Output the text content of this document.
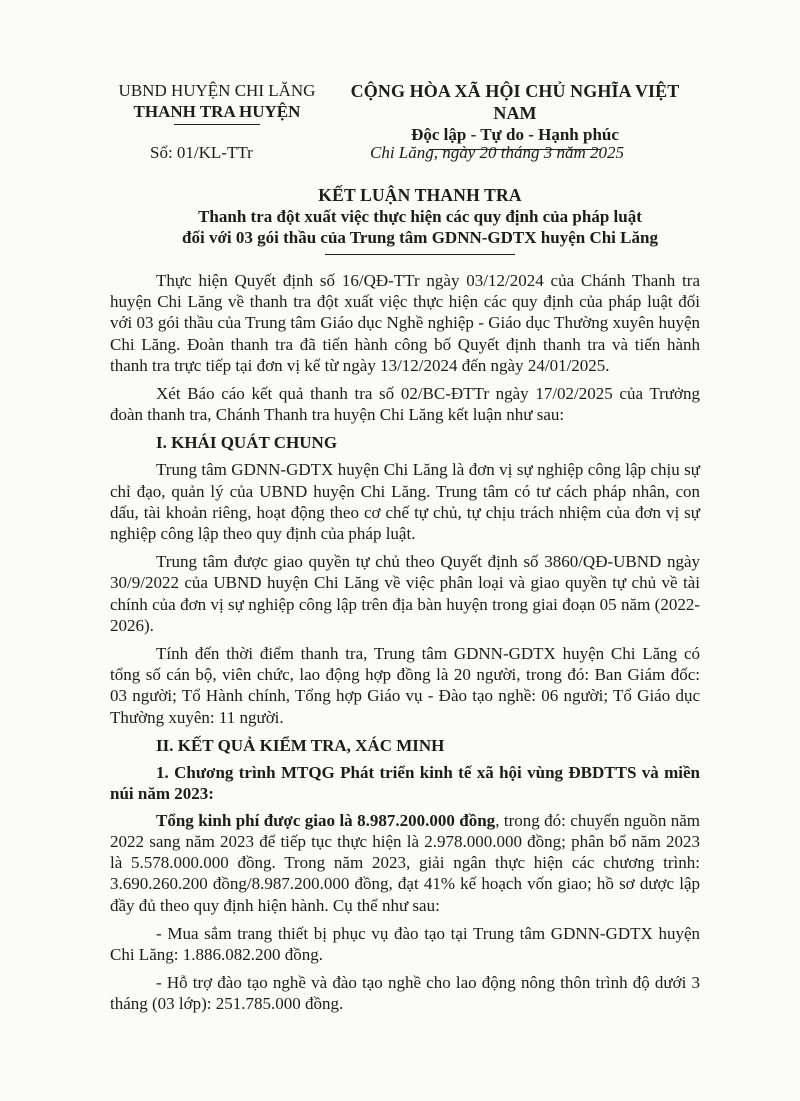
UBND HUYỆN CHI LĂNG
THANH TRA HUYỆN
CỘNG HÒA XÃ HỘI CHỦ NGHĨA VIỆT NAM
Độc lập - Tự do - Hạnh phúc
Số: 01/KL-TTr	Chi Lăng, ngày 20 tháng 3 năm 2025
KẾT LUẬN THANH TRA
Thanh tra đột xuất việc thực hiện các quy định của pháp luật
đối với 03 gói thầu của Trung tâm GDNN-GDTX huyện Chi Lăng

Thực hiện Quyết định số 16/QĐ-TTr ngày 03/12/2024 của Chánh Thanh tra huyện Chi Lăng về thanh tra đột xuất việc thực hiện các quy định của pháp luật đối với 03 gói thầu của Trung tâm Giáo dục Nghề nghiệp - Giáo dục Thường xuyên huyện Chi Lăng. Đoàn thanh tra đã tiến hành công bố Quyết định thanh tra và tiến hành thanh tra trực tiếp tại đơn vị kể từ ngày 13/12/2024 đến ngày 24/01/2025.

Xét Báo cáo kết quả thanh tra số 02/BC-ĐTTr ngày 17/02/2025 của Trưởng đoàn thanh tra, Chánh Thanh tra huyện Chi Lăng kết luận như sau:

I. KHÁI QUÁT CHUNG

Trung tâm GDNN-GDTX huyện Chi Lăng là đơn vị sự nghiệp công lập chịu sự chỉ đạo, quản lý của UBND huyện Chi Lăng. Trung tâm có tư cách pháp nhân, con dấu, tài khoản riêng, hoạt động theo cơ chế tự chủ, tự chịu trách nhiệm của đơn vị sự nghiệp công lập theo quy định của pháp luật.

Trung tâm được giao quyền tự chủ theo Quyết định số 3860/QĐ-UBND ngày 30/9/2022 của UBND huyện Chi Lăng về việc phân loại và giao quyền tự chủ về tài chính của đơn vị sự nghiệp công lập trên địa bàn huyện trong giai đoạn 05 năm (2022-2026).

Tính đến thời điểm thanh tra, Trung tâm GDNN-GDTX huyện Chi Lăng có tổng số cán bộ, viên chức, lao động hợp đồng là 20 người, trong đó: Ban Giám đốc: 03 người; Tổ Hành chính, Tổng hợp Giáo vụ - Đào tạo nghề: 06 người; Tổ Giáo dục Thường xuyên: 11 người.

II. KẾT QUẢ KIỂM TRA, XÁC MINH
1. Chương trình MTQG Phát triển kinh tế xã hội vùng ĐBDTTS và miền núi năm 2023:

Tổng kinh phí được giao là 8.987.200.000 đồng, trong đó: chuyển nguồn năm 2022 sang năm 2023 để tiếp tục thực hiện là 2.978.000.000 đồng; phân bổ năm 2023 là 5.578.000.000 đồng. Trong năm 2023, giải ngân thực hiện các chương trình: 3.690.260.200 đồng/8.987.200.000 đồng, đạt 41% kế hoạch vốn giao; hồ sơ dược lập đầy đủ theo quy định hiện hành. Cụ thể như sau:

- Mua sắm trang thiết bị phục vụ đào tạo tại Trung tâm GDNN-GDTX huyện Chi Lăng: 1.886.082.200 đồng.

- Hỗ trợ đào tạo nghề và đào tạo nghề cho lao động nông thôn trình độ dưới 3 tháng (03 lớp): 251.785.000 đồng.
